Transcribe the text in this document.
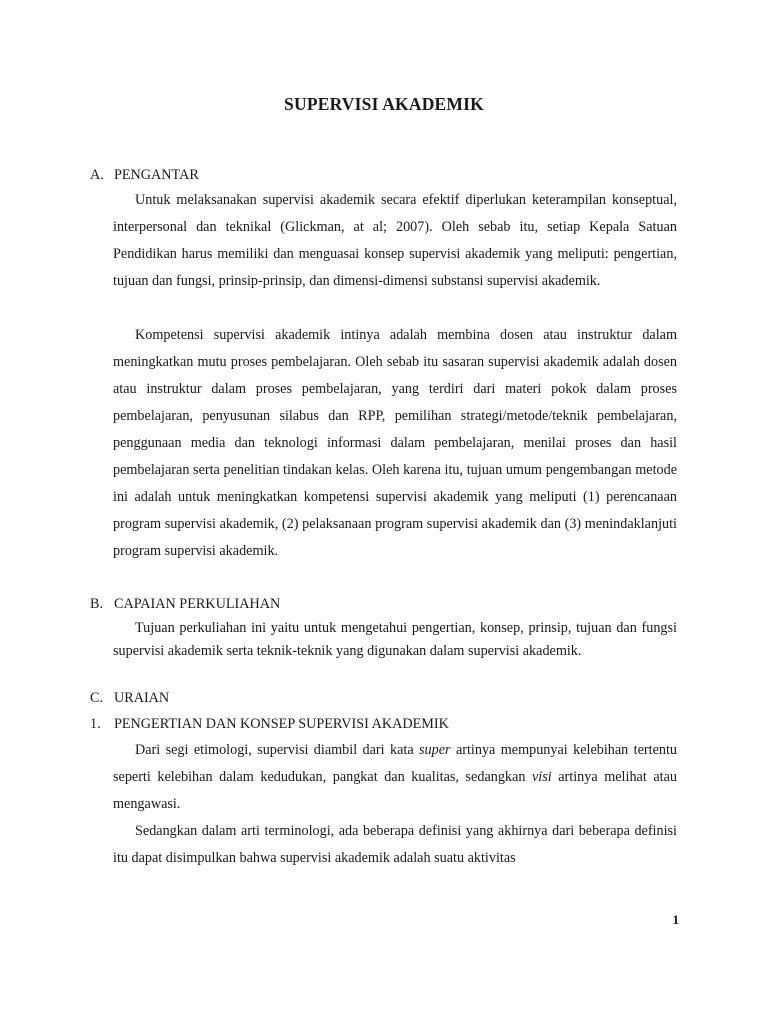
SUPERVISI AKADEMIK
A. PENGANTAR
Untuk melaksanakan supervisi akademik secara efektif diperlukan keterampilan konseptual, interpersonal dan teknikal (Glickman, at al; 2007). Oleh sebab itu, setiap Kepala Satuan Pendidikan harus memiliki dan menguasai konsep supervisi akademik yang meliputi: pengertian, tujuan dan fungsi, prinsip-prinsip, dan dimensi-dimensi substansi supervisi akademik.
Kompetensi supervisi akademik intinya adalah membina dosen atau instruktur dalam meningkatkan mutu proses pembelajaran. Oleh sebab itu sasaran supervisi akademik adalah dosen atau instruktur dalam proses pembelajaran, yang terdiri dari materi pokok dalam proses pembelajaran, penyusunan silabus dan RPP, pemilihan strategi/metode/teknik pembelajaran, penggunaan media dan teknologi informasi dalam pembelajaran, menilai proses dan hasil pembelajaran serta penelitian tindakan kelas. Oleh karena itu, tujuan umum pengembangan metode ini adalah untuk meningkatkan kompetensi supervisi akademik yang meliputi (1) perencanaan program supervisi akademik, (2) pelaksanaan program supervisi akademik dan (3) menindaklanjuti program supervisi akademik.
B. CAPAIAN PERKULIAHAN
Tujuan perkuliahan ini yaitu untuk mengetahui pengertian, konsep, prinsip, tujuan dan fungsi supervisi akademik serta teknik-teknik yang digunakan dalam supervisi akademik.
C. URAIAN
1. PENGERTIAN DAN KONSEP SUPERVISI AKADEMIK
Dari segi etimologi, supervisi diambil dari kata super artinya mempunyai kelebihan tertentu seperti kelebihan dalam kedudukan, pangkat dan kualitas, sedangkan visi artinya melihat atau mengawasi.
Sedangkan dalam arti terminologi, ada beberapa definisi yang akhirnya dari beberapa definisi itu dapat disimpulkan bahwa supervisi akademik adalah suatu aktivitas
1
